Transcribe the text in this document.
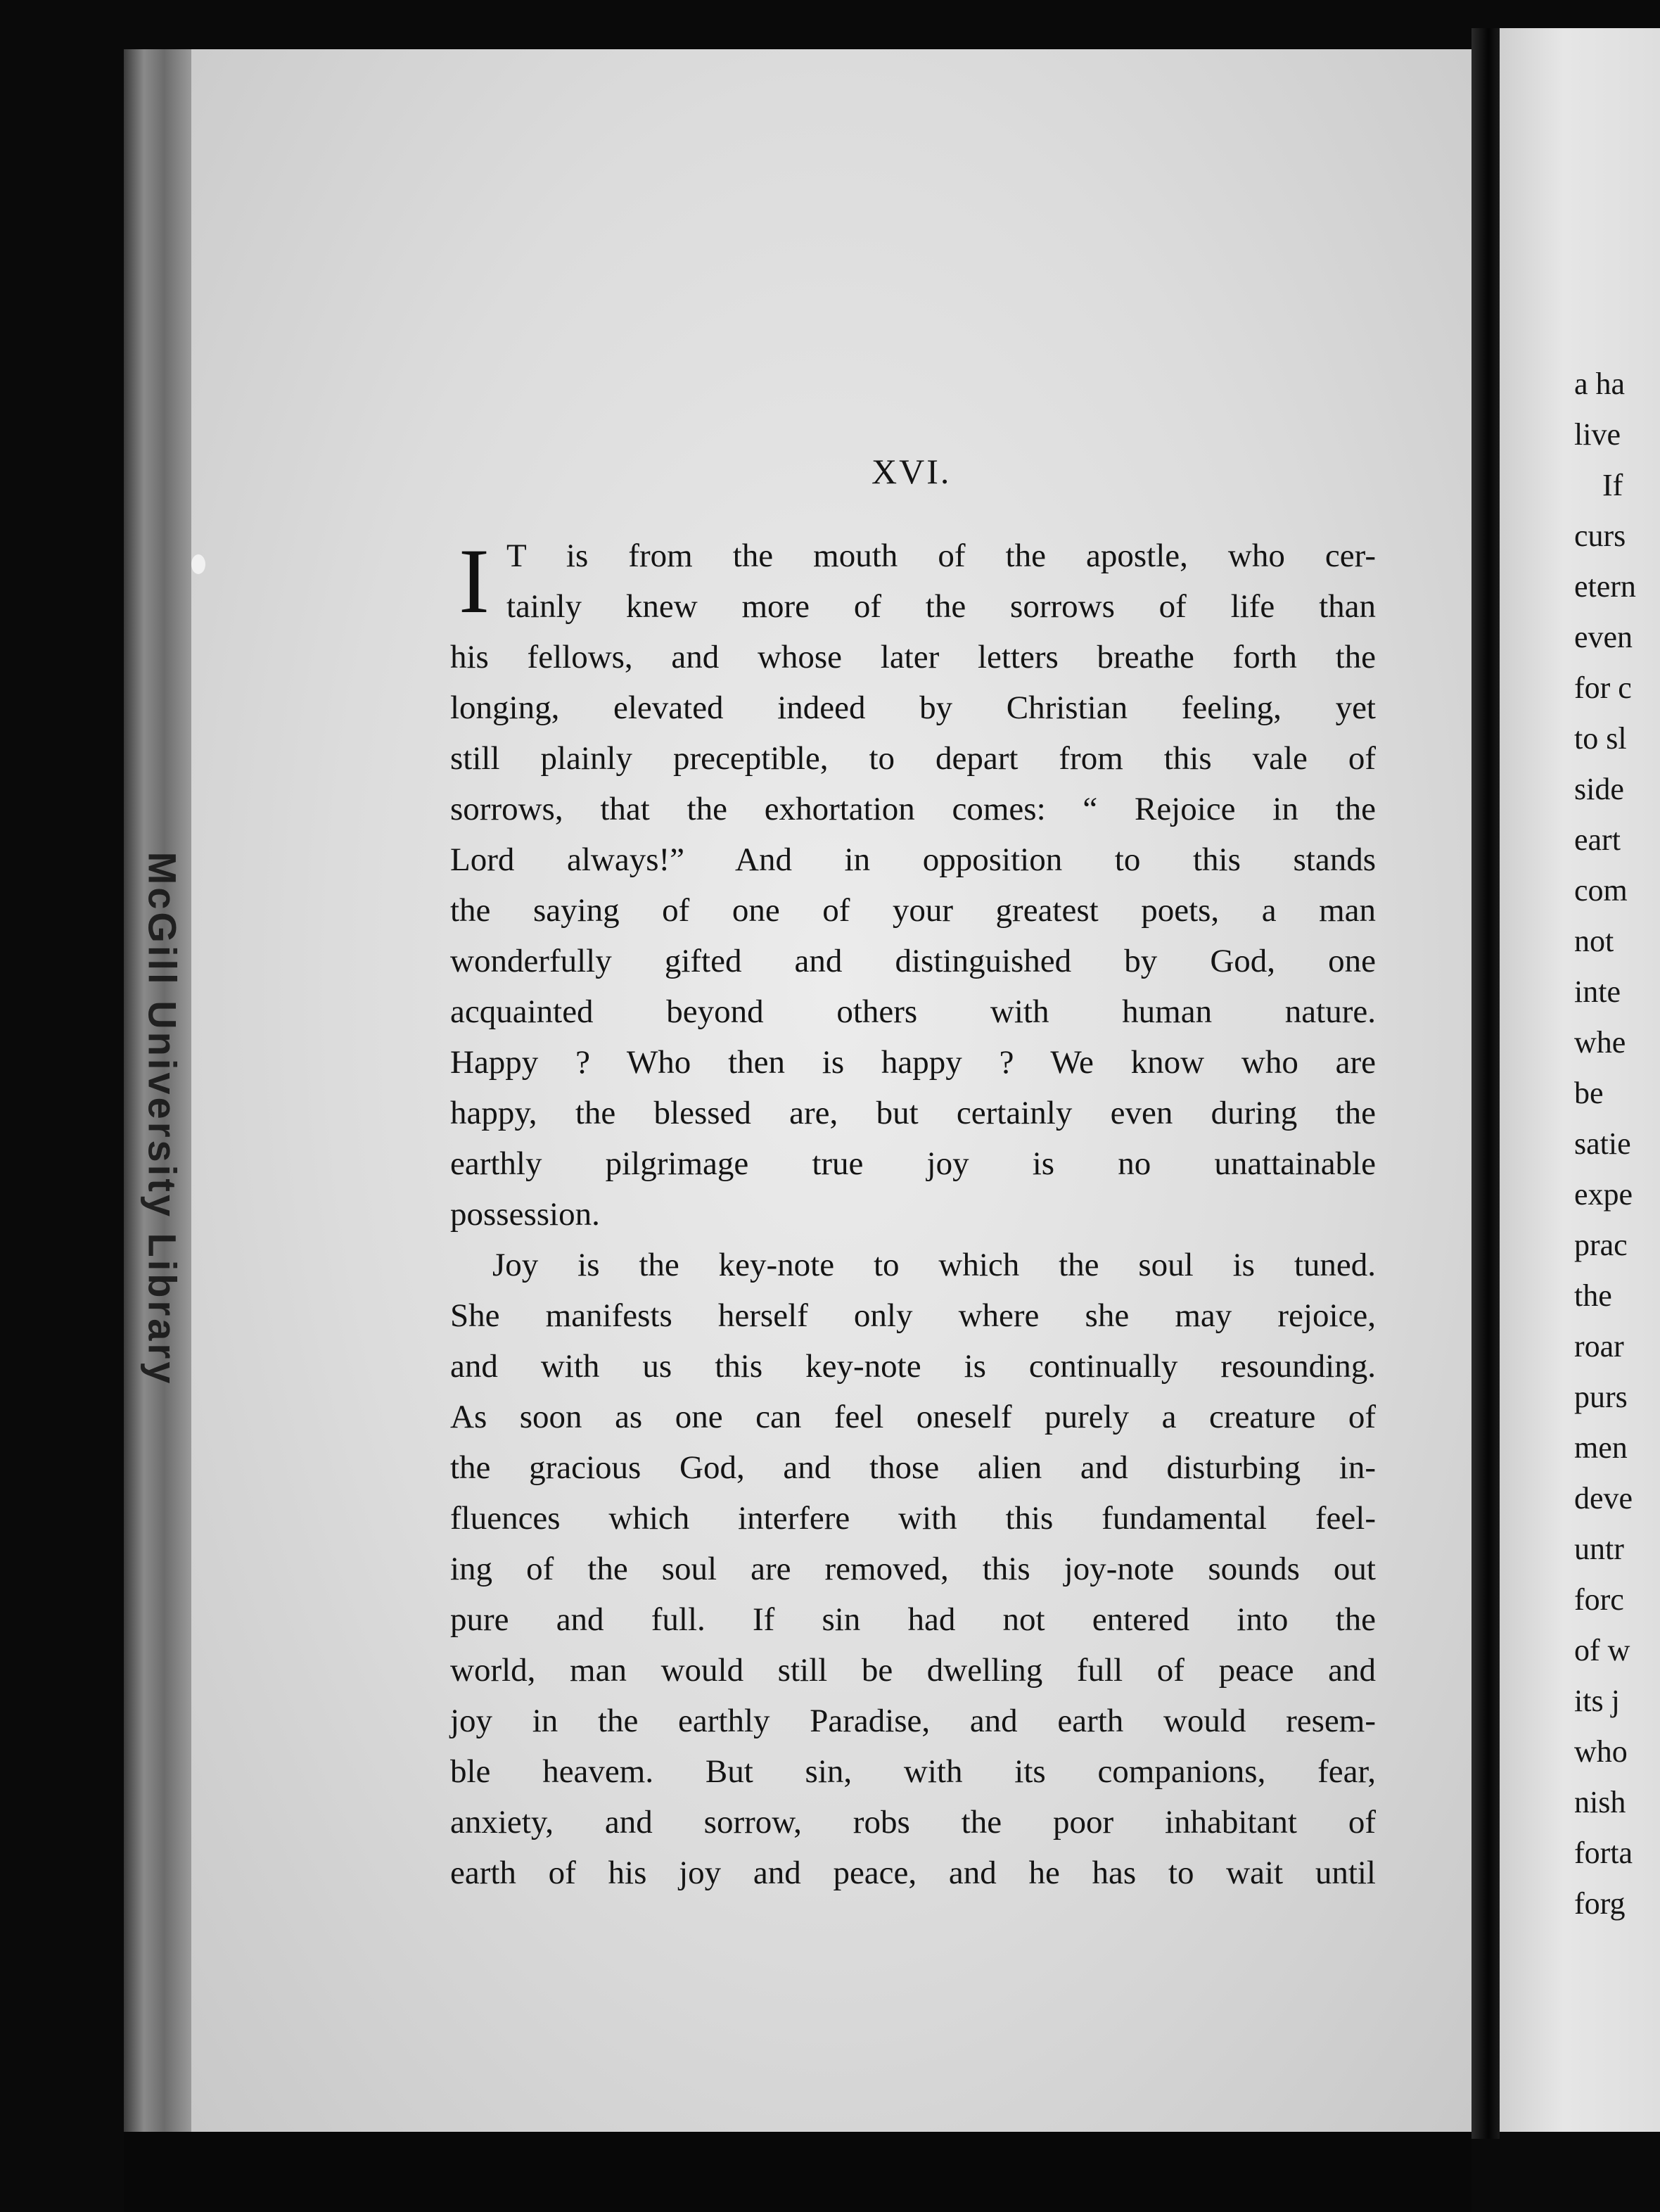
McGill University Library
a ha
live
If
curs
etern
even
for c
to sl
side
eart
com
not
inte
whe
be
satie
expe
prac
the
roar
purs
men
deve
untr
forc
of w
its j
who
nish
forta
forg
XVI.
I T is from the mouth of the apostle, who cer-
tainly knew more of the sorrows of life than
his fellows, and whose later letters breathe forth the
longing, elevated indeed by Christian feeling, yet
still plainly preceptible, to depart from this vale of
sorrows, that the exhortation comes: “ Rejoice in the
Lord always!” And in opposition to this stands
the saying of one of your greatest poets, a man
wonderfully gifted and distinguished by God, one
acquainted beyond others with human nature.
Happy ? Who then is happy ? We know who are
happy, the blessed are, but certainly even during the
earthly pilgrimage true joy is no unattainable
possession.
Joy is the key-note to which the soul is tuned.
She manifests herself only where she may rejoice,
and with us this key-note is continually resounding.
As soon as one can feel oneself purely a creature of
the gracious God, and those alien and disturbing in-
fluences which interfere with this fundamental feel-
ing of the soul are removed, this joy-note sounds out
pure and full. If sin had not entered into the
world, man would still be dwelling full of peace and
joy in the earthly Paradise, and earth would resem-
ble heavem. But sin, with its companions, fear,
anxiety, and sorrow, robs the poor inhabitant of
earth of his joy and peace, and he has to wait until
